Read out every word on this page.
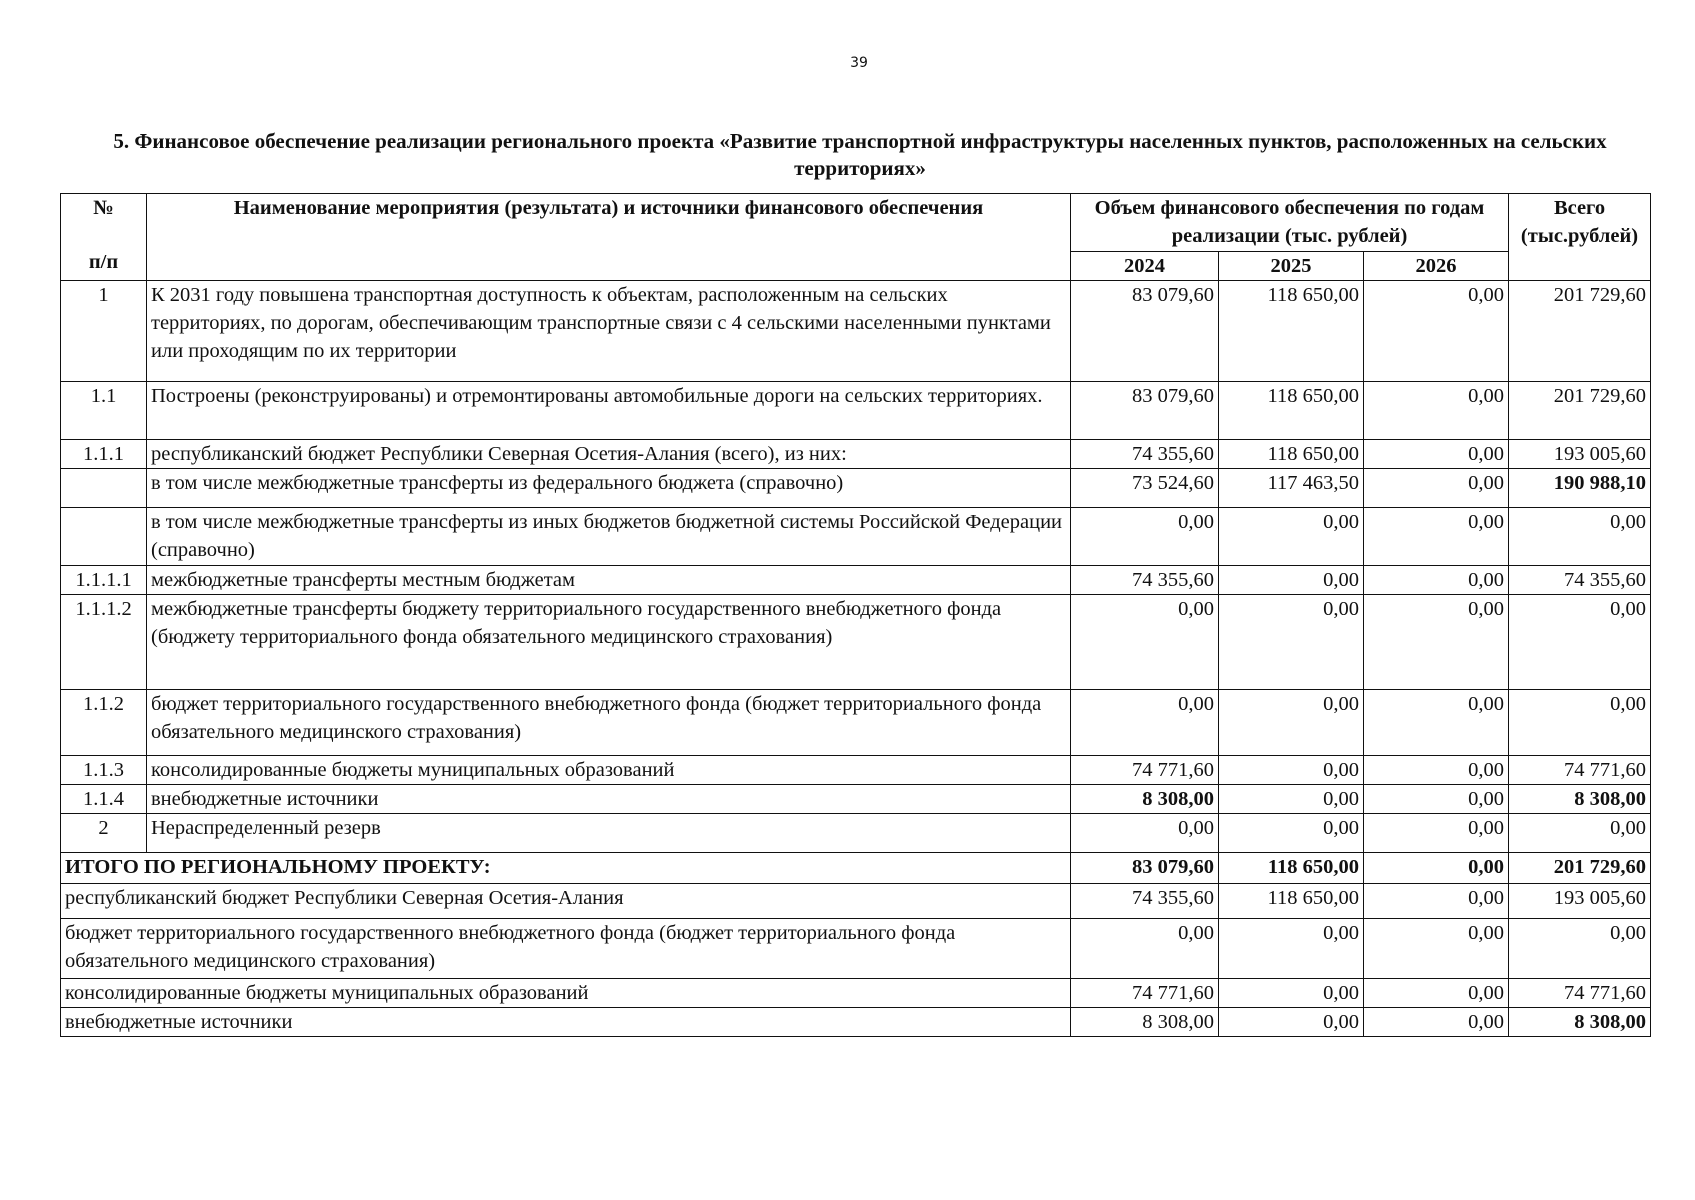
39
5. Финансовое обеспечение реализации регионального проекта «Развитие транспортной инфраструктуры населенных пунктов, расположенных на сельских территориях»
№
п/п	Наименование мероприятия (результата) и источники финансового обеспечения	Объем финансового обеспечения по годам реализации (тыс. рублей)			Всего (тыс.рублей)
		2024	2025	2026	
1	К 2031 году повышена транспортная доступность к объектам, расположенным на сельских территориях, по дорогам, обеспечивающим транспортные связи с 4 сельскими населенными пунктами или проходящим по их территории	83 079,60	118 650,00	0,00	201 729,60
1.1	Построены (реконструированы) и отремонтированы автомобильные дороги на сельских территориях.	83 079,60	118 650,00	0,00	201 729,60
1.1.1	республиканский бюджет Республики Северная Осетия-Алания (всего), из них:	74 355,60	118 650,00	0,00	193 005,60
	в том числе межбюджетные трансферты из федерального бюджета (справочно)	73 524,60	117 463,50	0,00	190 988,10
	в том числе межбюджетные трансферты из иных бюджетов бюджетной системы Российской Федерации (справочно)	0,00	0,00	0,00	0,00
1.1.1.1	межбюджетные трансферты местным бюджетам	74 355,60	0,00	0,00	74 355,60
1.1.1.2	межбюджетные трансферты бюджету территориального государственного внебюджетного фонда (бюджету территориального фонда обязательного медицинского страхования)	0,00	0,00	0,00	0,00
1.1.2	бюджет территориального государственного внебюджетного фонда (бюджет территориального фонда обязательного медицинского страхования)	0,00	0,00	0,00	0,00
1.1.3	консолидированные бюджеты муниципальных образований	74 771,60	0,00	0,00	74 771,60
1.1.4	внебюджетные источники	8 308,00	0,00	0,00	8 308,00
2	Нераспределенный резерв	0,00	0,00	0,00	0,00
ИТОГО ПО РЕГИОНАЛЬНОМУ ПРОЕКТУ:		83 079,60	118 650,00	0,00	201 729,60
республиканский бюджет Республики Северная Осетия-Алания		74 355,60	118 650,00	0,00	193 005,60
бюджет территориального государственного внебюджетного фонда (бюджет территориального фонда обязательного медицинского страхования)		0,00	0,00	0,00	0,00
консолидированные бюджеты муниципальных образований		74 771,60	0,00	0,00	74 771,60
внебюджетные источники		8 308,00	0,00	0,00	8 308,00
